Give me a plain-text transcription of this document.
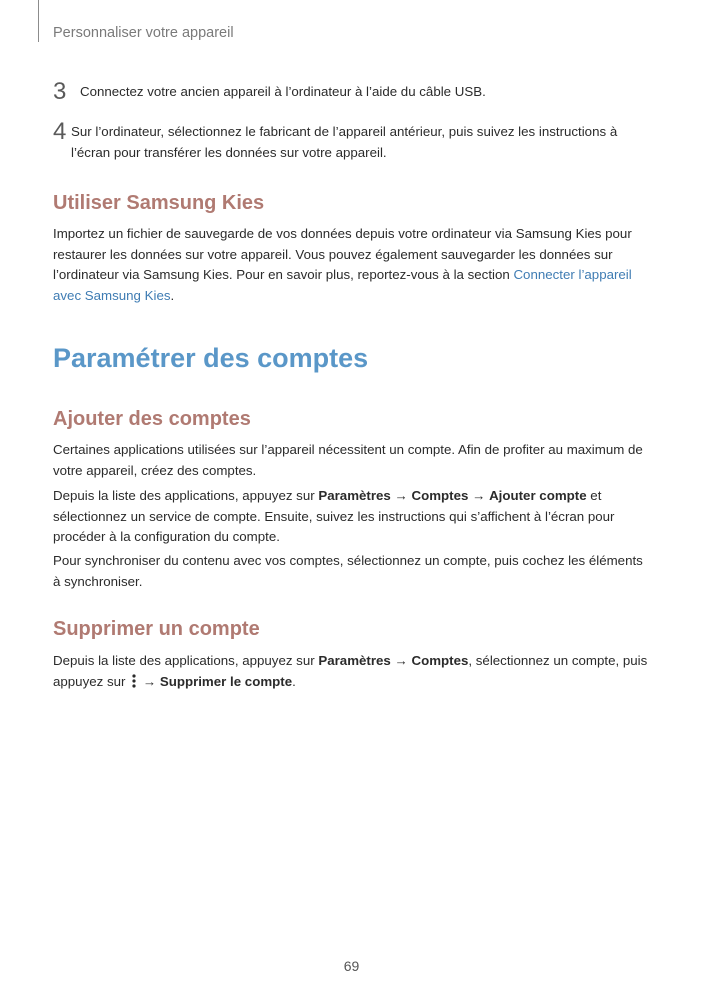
Personnaliser votre appareil
3	Connectez votre ancien appareil à l’ordinateur à l’aide du câble USB.
4 Sur l’ordinateur, sélectionnez le fabricant de l’appareil antérieur, puis suivez les instructions à l’écran pour transférer les données sur votre appareil.
Utiliser Samsung Kies
Importez un fichier de sauvegarde de vos données depuis votre ordinateur via Samsung Kies pour restaurer les données sur votre appareil. Vous pouvez également sauvegarder les données sur l’ordinateur via Samsung Kies. Pour en savoir plus, reportez-vous à la section Connecter l’appareil avec Samsung Kies.
Paramétrer des comptes
Ajouter des comptes
Certaines applications utilisées sur l’appareil nécessitent un compte. Afin de profiter au maximum de votre appareil, créez des comptes.
Depuis la liste des applications, appuyez sur Paramètres → Comptes → Ajouter compte et sélectionnez un service de compte. Ensuite, suivez les instructions qui s’affichent à l’écran pour procéder à la configuration du compte.
Pour synchroniser du contenu avec vos comptes, sélectionnez un compte, puis cochez les éléments à synchroniser.
Supprimer un compte
Depuis la liste des applications, appuyez sur Paramètres → Comptes, sélectionnez un compte, puis appuyez sur  → Supprimer le compte.
69
